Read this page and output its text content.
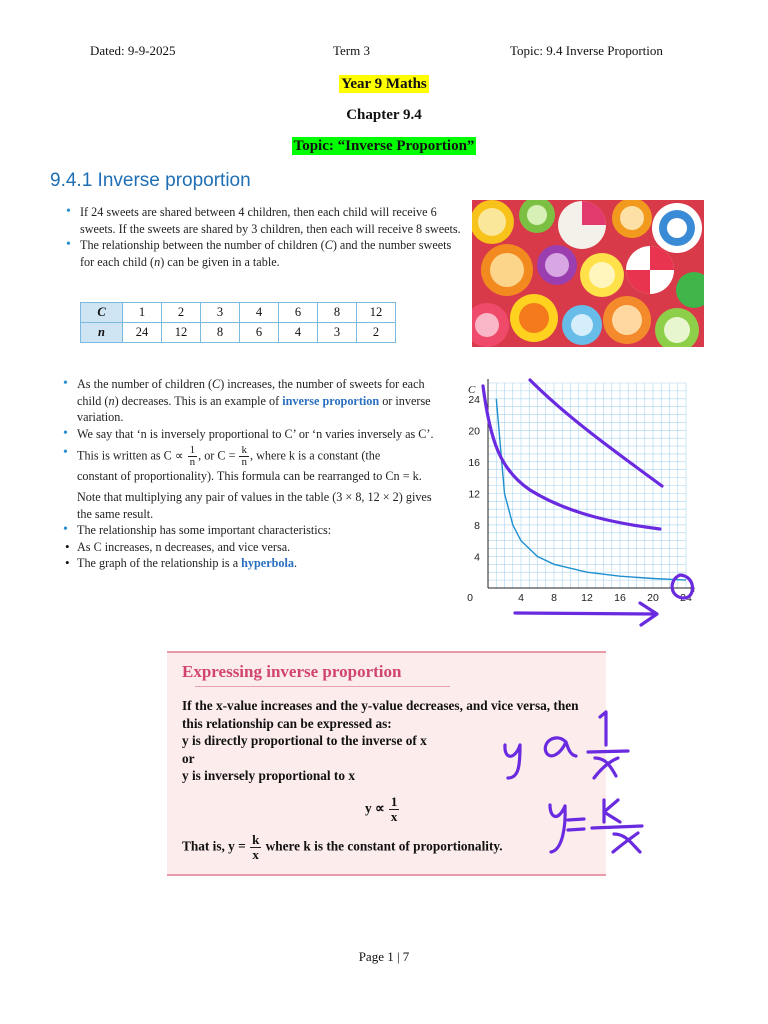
Dated: 9-9-2025	Term 3	Topic: 9.4 Inverse Proportion
Year 9 Maths
Chapter 9.4
Topic: “Inverse Proportion”
9.4.1 Inverse proportion
• If 24 sweets are shared between 4 children, then each child will receive 6 sweets. If the sweets are shared by 3 children, then each will receive 8 sweets.
• The relationship between the number of children (C) and the number sweets for each child (n) can be given in a table.
C	1	2	3	4	6	8	12
n	24	12	8	6	4	3	2
• As the number of children (C) increases, the number of sweets for each child (n) decreases. This is an example of inverse proportion or inverse variation.
• We say that ‘n is inversely proportional to C’ or ‘n varies inversely as C’.
• This is written as $C \propto \frac{1}{n}$ , or $C = \frac{k}{n}$ , where k is a constant (the
constant of proportionality). This formula can be rearranged to Cn = k.
Note that multiplying any pair of values in the table (3 × 8, 12 × 2) gives the same result.
• The relationship has some important characteristics:
• As C increases, n decreases, and vice versa.
• The graph of the relationship is a hyperbola.
0	4	8 12 16 20 24
4
8
12
16
20
24
C
n
Expressing inverse proportion
If the x-value increases and the y-value decreases, and vice versa, then this relationship can be expressed as:
y is directly proportional to the inverse of x
or
y is inversely proportional to x
$y \propto \frac{1}{x}$
That is, $y = \frac{k}{x}$ where k is the constant of proportionality.
Page 1 | 7
